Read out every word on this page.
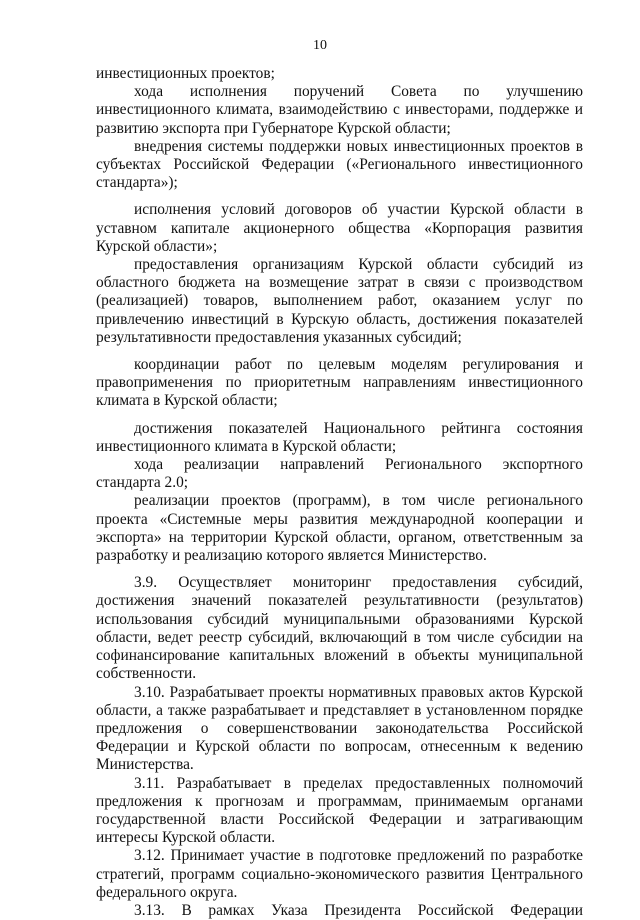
10

инвестиционных проектов;

хода исполнения поручений Совета по улучшению инвестиционного климата, взаимодействию с инвесторами, поддержке и развитию экспорта при Губернаторе Курской области;

внедрения системы поддержки новых инвестиционных проектов в субъектах Российской Федерации («Регионального инвестиционного стандарта»);

исполнения условий договоров об участии Курской области в уставном капитале акционерного общества «Корпорация развития Курской области»;

предоставления организациям Курской области субсидий из областного бюджета на возмещение затрат в связи с производством (реализацией) товаров, выполнением работ, оказанием услуг по привлечению инвестиций в Курскую область, достижения показателей результативности предоставления указанных субсидий;

координации работ по целевым моделям регулирования и правоприменения по приоритетным направлениям инвестиционного климата в Курской области;

достижения показателей Национального рейтинга состояния инвестиционного климата в Курской области;

хода реализации направлений Регионального экспортного стандарта 2.0;

реализации проектов (программ), в том числе регионального проекта «Системные меры развития международной кооперации и экспорта» на территории Курской области, органом, ответственным за разработку и реализацию которого является Министерство.

3.9. Осуществляет мониторинг предоставления субсидий, достижения значений показателей результативности (результатов) использования субсидий муниципальными образованиями Курской области, ведет реестр субсидий, включающий в том числе субсидии на софинансирование капитальных вложений в объекты муниципальной собственности.

3.10. Разрабатывает проекты нормативных правовых актов Курской области, а также разрабатывает и представляет в установленном порядке предложения о совершенствовании законодательства Российской Федерации и Курской области по вопросам, отнесенным к ведению Министерства.

3.11. Разрабатывает в пределах предоставленных полномочий предложения к прогнозам и программам, принимаемым органами государственной власти Российской Федерации и затрагивающим интересы Курской области.

3.12. Принимает участие в подготовке предложений по разработке стратегий, программ социально-экономического развития Центрального федерального округа.

3.13. В рамках Указа Президента Российской Федерации
